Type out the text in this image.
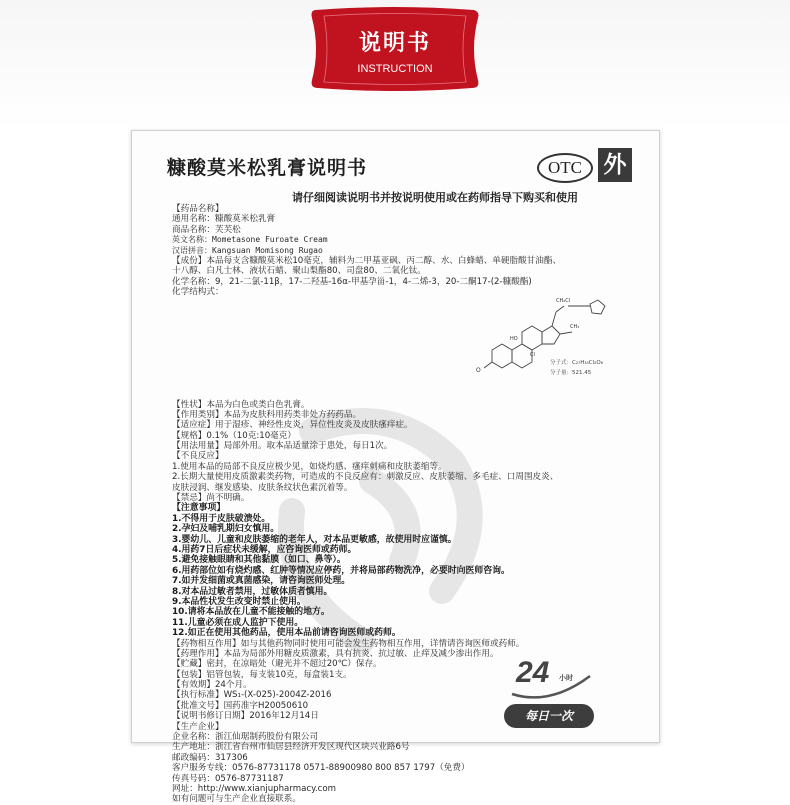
说明书
INSTRUCTION
糠酸莫米松乳膏说明书	OTC 外
请仔细阅读说明书并按说明使用或在药师指导下购买和使用
【药品名称】
通用名称：糠酸莫米松乳膏
商品名称：芙芙松
英文名称：Mometasone Furoate Cream
汉语拼音：Kangsuan Momisong Rugao
【成份】本品每支含糠酸莫米松10毫克，辅料为二甲基亚砜、丙二醇、水、白蜂蜡、单硬脂酸甘油酯、
十八醇、白凡士林、液状石蜡、聚山梨酯80、司盘80、二氧化钛。
化学名称：9，21-二氯-11β，17-二羟基-16α-甲基孕甾-1，4-二烯-3，20-二酮17-(2-糠酸酯)
化学结构式：
O
Cl
HO
CH₂Cl
CH₃
分子式：C₂₇H₃₀Cl₂O₆
分子量：521.45
【性状】本品为白色或类白色乳膏。
【作用类别】本品为皮肤科用药类非处方药药品。
【适应症】用于湿疹、神经性皮炎，异位性皮炎及皮肤瘙痒症。
【规格】0.1%（10克:10毫克）
【用法用量】局部外用。取本品适量涂于患处，每日1次。
【不良反应】
1.使用本品的局部不良反应极少见，如烧灼感、瘙痒刺痛和皮肤萎缩等。
2.长期大量使用皮质激素类药物，可造成的不良反应有：刺激反应、皮肤萎缩、多毛症、口周围皮炎、
皮肤浸润、继发感染、皮肤条纹状色素沉着等。
【禁忌】尚不明确。
【注意事项】
1.不得用于皮肤破溃处。
2.孕妇及哺乳期妇女慎用。
3.婴幼儿、儿童和皮肤萎缩的老年人，对本品更敏感，故使用时应谨慎。
4.用药7日后症状未缓解，应咨询医师或药师。
5.避免接触眼睛和其他黏膜（如口、鼻等）。
6.用药部位如有烧灼感、红肿等情况应停药，并将局部药物洗净，必要时向医师咨询。
7.如并发细菌或真菌感染，请咨询医师处理。
8.对本品过敏者禁用，过敏体质者慎用。
9.本品性状发生改变时禁止使用。
10.请将本品放在儿童不能接触的地方。
11.儿童必须在成人监护下使用。
12.如正在使用其他药品，使用本品前请咨询医师或药师。
【药物相互作用】如与其他药物同时使用可能会发生药物相互作用，详情请咨询医师或药师。
【药理作用】本品为局部外用糖皮质激素，具有抗炎、抗过敏、止痒及减少渗出作用。
【贮藏】密封，在凉暗处（避光并不超过20℃）保存。
【包装】铝管包装，每支装10克，每盒装1支。
【有效期】24个月。
【执行标准】WS₁-(X-025)-2004Z-2016
【批准文号】国药准字H20050610
【说明书修订日期】2016年12月14日
【生产企业】
企业名称：浙江仙琚制药股份有限公司
生产地址：浙江省台州市仙居县经济开发区现代区块兴业路6号
邮政编码：317306
客户服务专线：0576-87731178 0571-88900980 800 857 1797（免费）
传真号码：0576-87731187
网址：http://www.xianjupharmacy.com
如有问题可与生产企业直接联系。
24 小时
每日一次
